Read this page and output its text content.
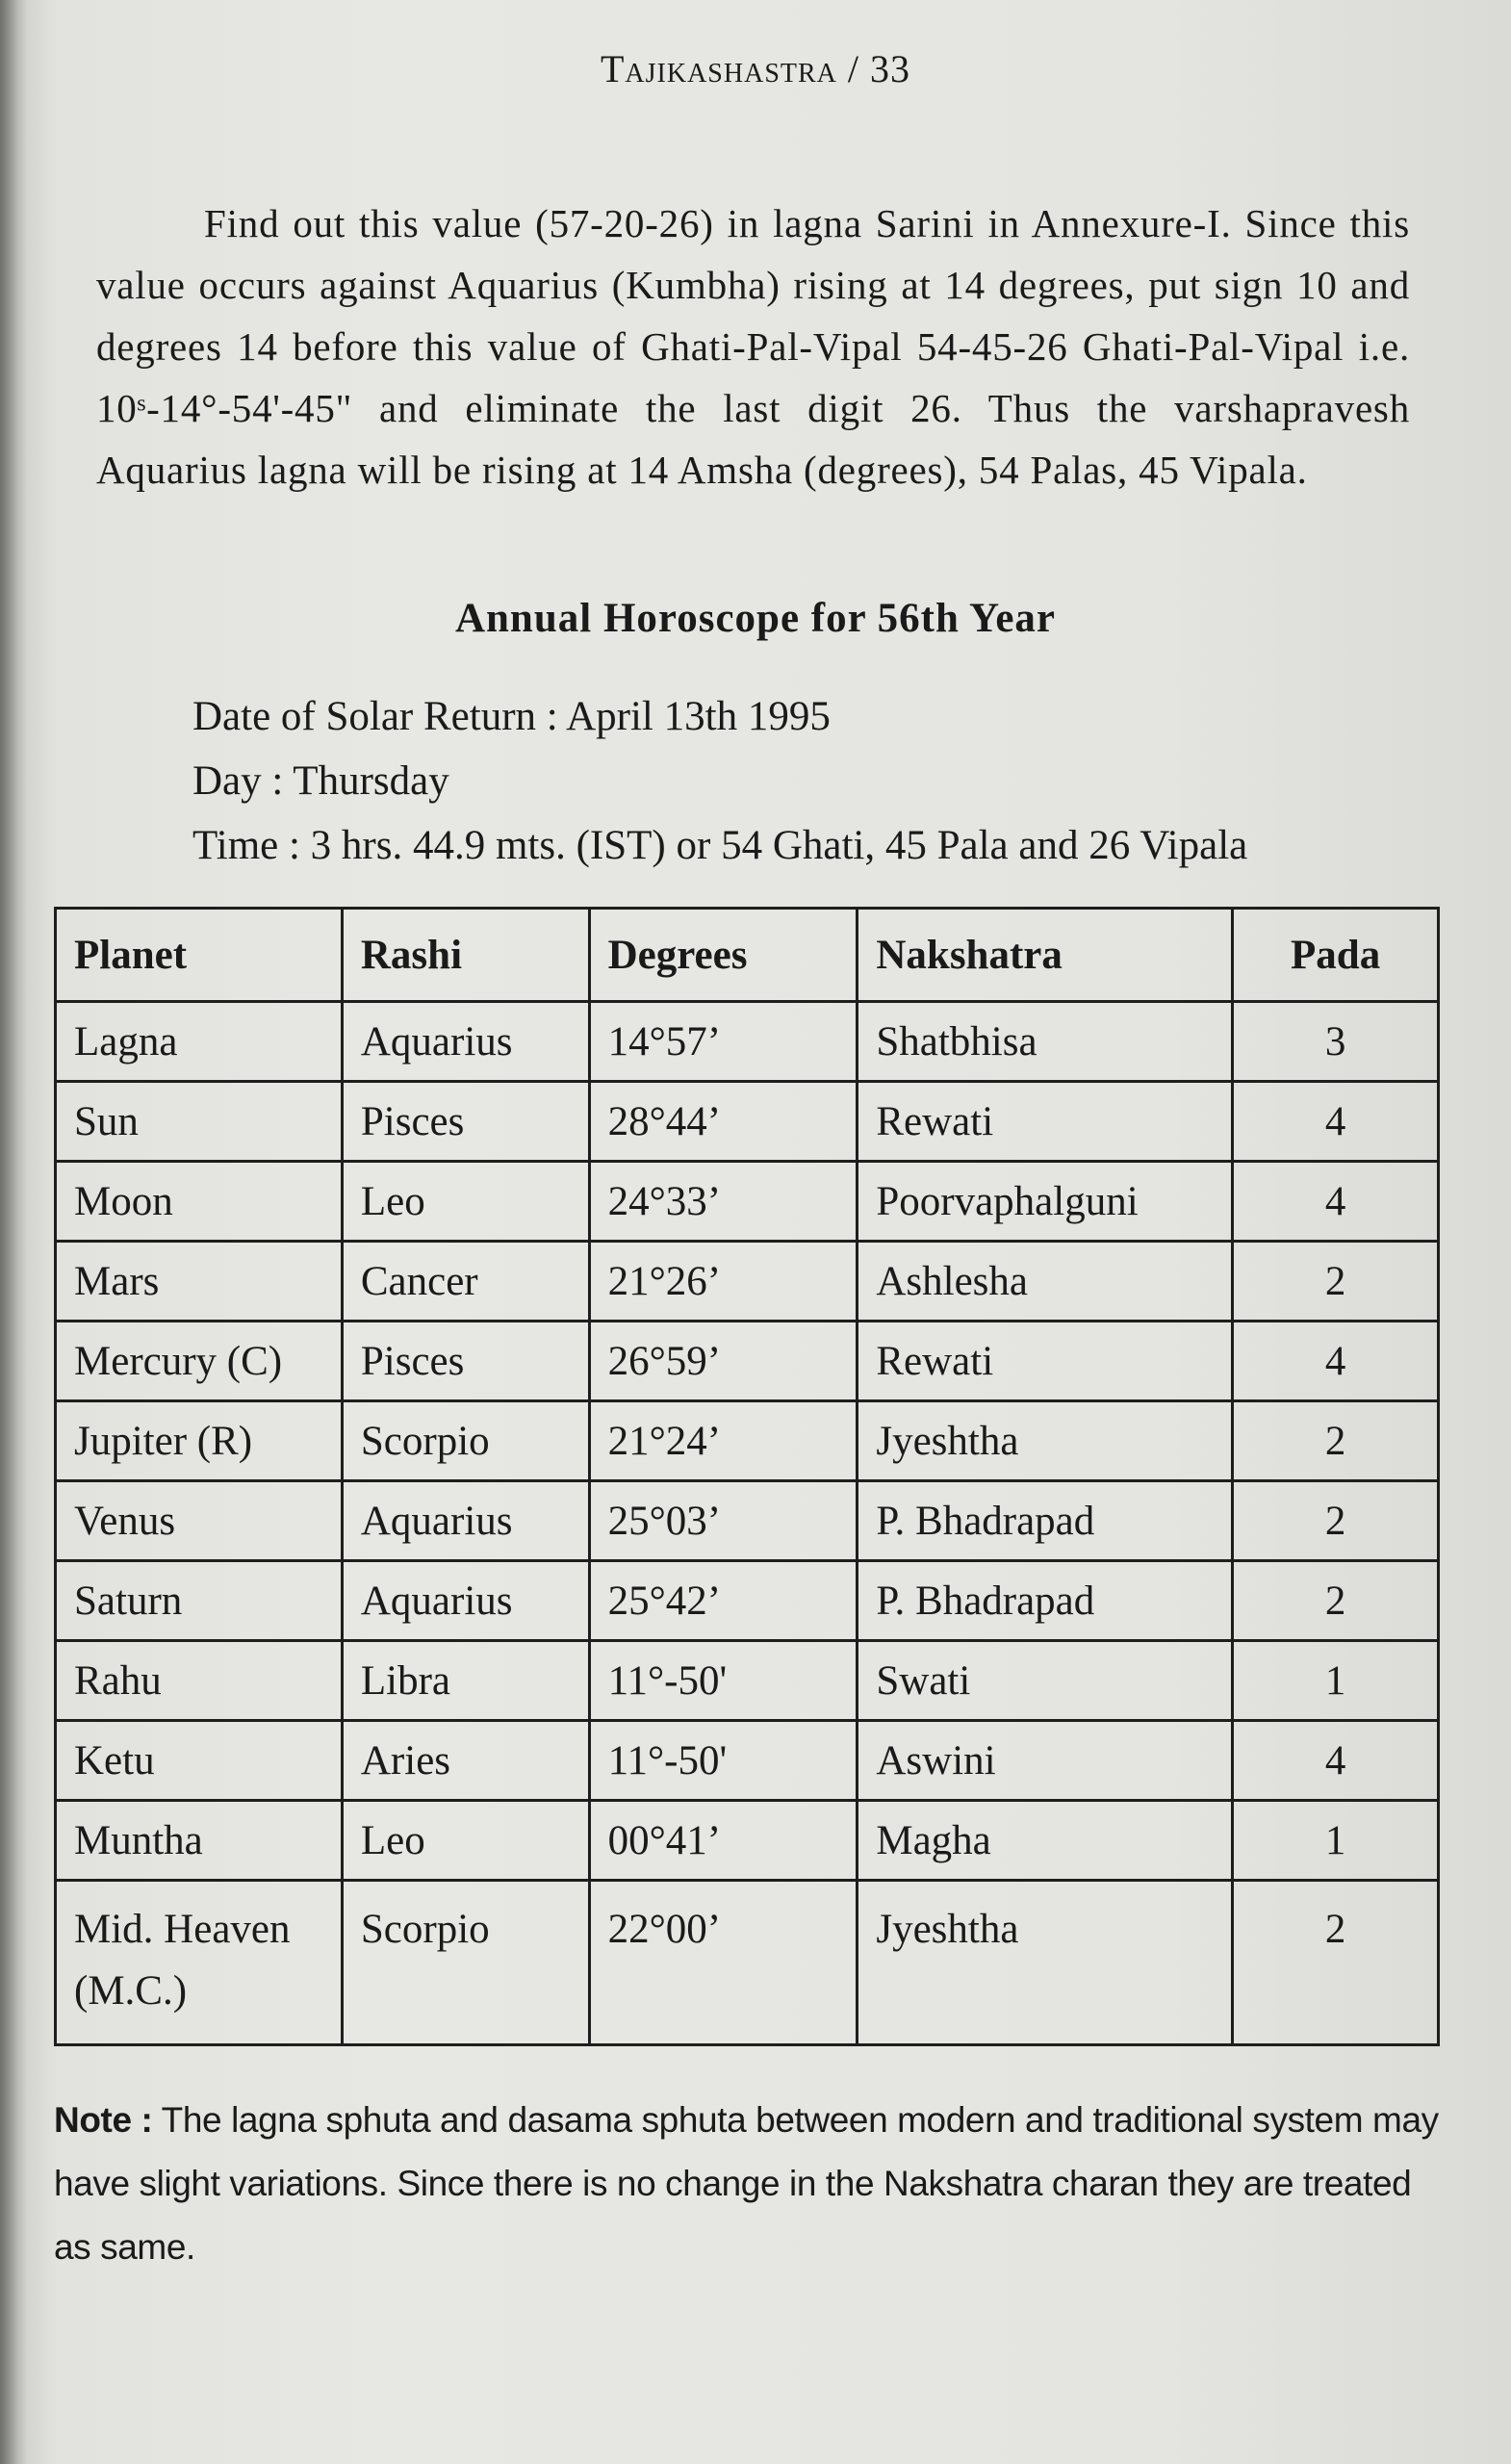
Tajikashastra / 33
Find out this value (57-20-26) in lagna Sarini in Annexure-I. Since this value occurs against Aquarius (Kumbha) rising at 14 degrees, put sign 10 and degrees 14 before this value of Ghati-Pal-Vipal 54-45-26 Ghati-Pal-Vipal i.e. 10ˢ-14°-54'-45" and eliminate the last digit 26. Thus the varshapravesh Aquarius lagna will be rising at 14 Amsha (degrees), 54 Palas, 45 Vipala.
Annual Horoscope for 56th Year
Date of Solar Return : April 13th 1995
Day : Thursday
Time : 3 hrs. 44.9 mts. (IST) or 54 Ghati, 45 Pala and 26 Vipala
Planet	Rashi	Degrees	Nakshatra	Pada
Lagna	Aquarius	14°57’	Shatbhisa	3
Sun	Pisces	28°44’	Rewati	4
Moon	Leo	24°33’	Poorvaphalguni	4
Mars	Cancer	21°26’	Ashlesha	2
Mercury (C)	Pisces	26°59’	Rewati	4
Jupiter (R)	Scorpio	21°24’	Jyeshtha	2
Venus	Aquarius	25°03’	P. Bhadrapad	2
Saturn	Aquarius	25°42’	P. Bhadrapad	2
Rahu	Libra	11°-50'	Swati	1
Ketu	Aries	11°-50'	Aswini	4
Muntha	Leo	00°41’	Magha	1
Mid. Heaven
(M.C.)	Scorpio	22°00’	Jyeshtha	2
Note : The lagna sphuta and dasama sphuta between modern and traditional system may have slight variations. Since there is no change in the Nakshatra charan they are treated as same.
